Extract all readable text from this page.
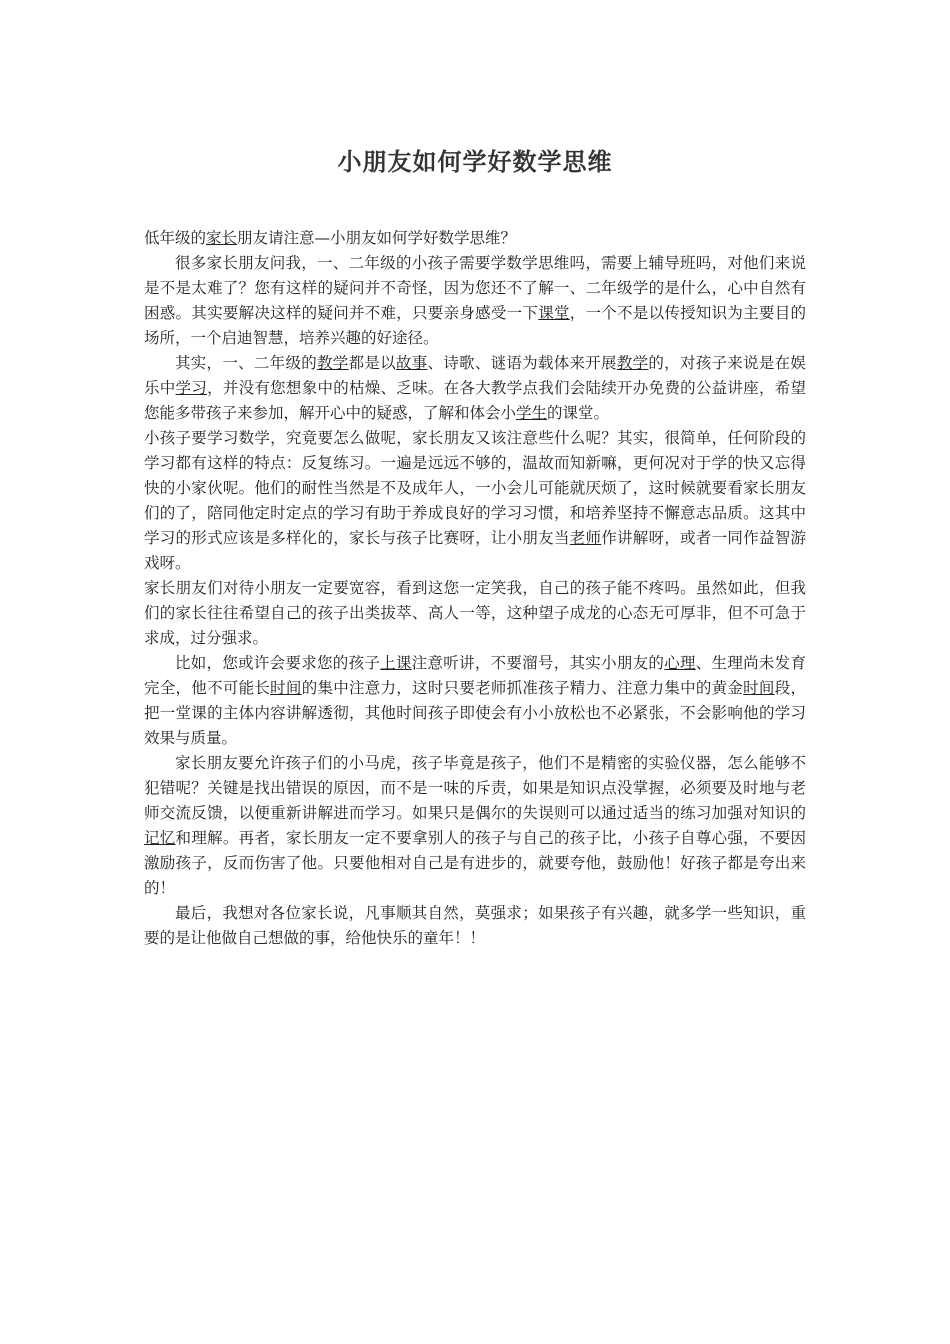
小朋友如何学好数学思维

低年级的家长朋友请注意—小朋友如何学好数学思维？

很多家长朋友问我，一、二年级的小孩子需要学数学思维吗，需要上辅导班吗，对他们来说是不是太难了？您有这样的疑问并不奇怪，因为您还不了解一、二年级学的是什么，心中自然有困惑。其实要解决这样的疑问并不难，只要亲身感受一下课堂，一个不是以传授知识为主要目的场所，一个启迪智慧，培养兴趣的好途径。

其实，一、二年级的教学都是以故事、诗歌、谜语为载体来开展教学的，对孩子来说是在娱乐中学习，并没有您想象中的枯燥、乏味。在各大教学点我们会陆续开办免费的公益讲座，希望您能多带孩子来参加，解开心中的疑惑，了解和体会小学生的课堂。

小孩子要学习数学，究竟要怎么做呢，家长朋友又该注意些什么呢？其实，很简单，任何阶段的学习都有这样的特点：反复练习。一遍是远远不够的，温故而知新嘛，更何况对于学的快又忘得快的小家伙呢。他们的耐性当然是不及成年人，一小会儿可能就厌烦了，这时候就要看家长朋友们的了，陪同他定时定点的学习有助于养成良好的学习习惯，和培养坚持不懈意志品质。这其中学习的形式应该是多样化的，家长与孩子比赛呀，让小朋友当老师作讲解呀，或者一同作益智游戏呀。

家长朋友们对待小朋友一定要宽容，看到这您一定笑我，自己的孩子能不疼吗。虽然如此，但我们的家长往往希望自己的孩子出类拔萃、高人一等，这种望子成龙的心态无可厚非，但不可急于求成，过分强求。

比如，您或许会要求您的孩子上课注意听讲，不要溜号，其实小朋友的心理、生理尚未发育完全，他不可能长时间的集中注意力，这时只要老师抓准孩子精力、注意力集中的黄金时间段，把一堂课的主体内容讲解透彻，其他时间孩子即使会有小小放松也不必紧张，不会影响他的学习效果与质量。

家长朋友要允许孩子们的小马虎，孩子毕竟是孩子，他们不是精密的实验仪器，怎么能够不犯错呢？关键是找出错误的原因，而不是一味的斥责，如果是知识点没掌握，必须要及时地与老师交流反馈，以便重新讲解进而学习。如果只是偶尔的失误则可以通过适当的练习加强对知识的记忆和理解。再者，家长朋友一定不要拿别人的孩子与自己的孩子比，小孩子自尊心强，不要因激励孩子，反而伤害了他。只要他相对自己是有进步的，就要夸他，鼓励他！好孩子都是夸出来的！

最后，我想对各位家长说，凡事顺其自然，莫强求；如果孩子有兴趣，就多学一些知识，重要的是让他做自己想做的事，给他快乐的童年！！
